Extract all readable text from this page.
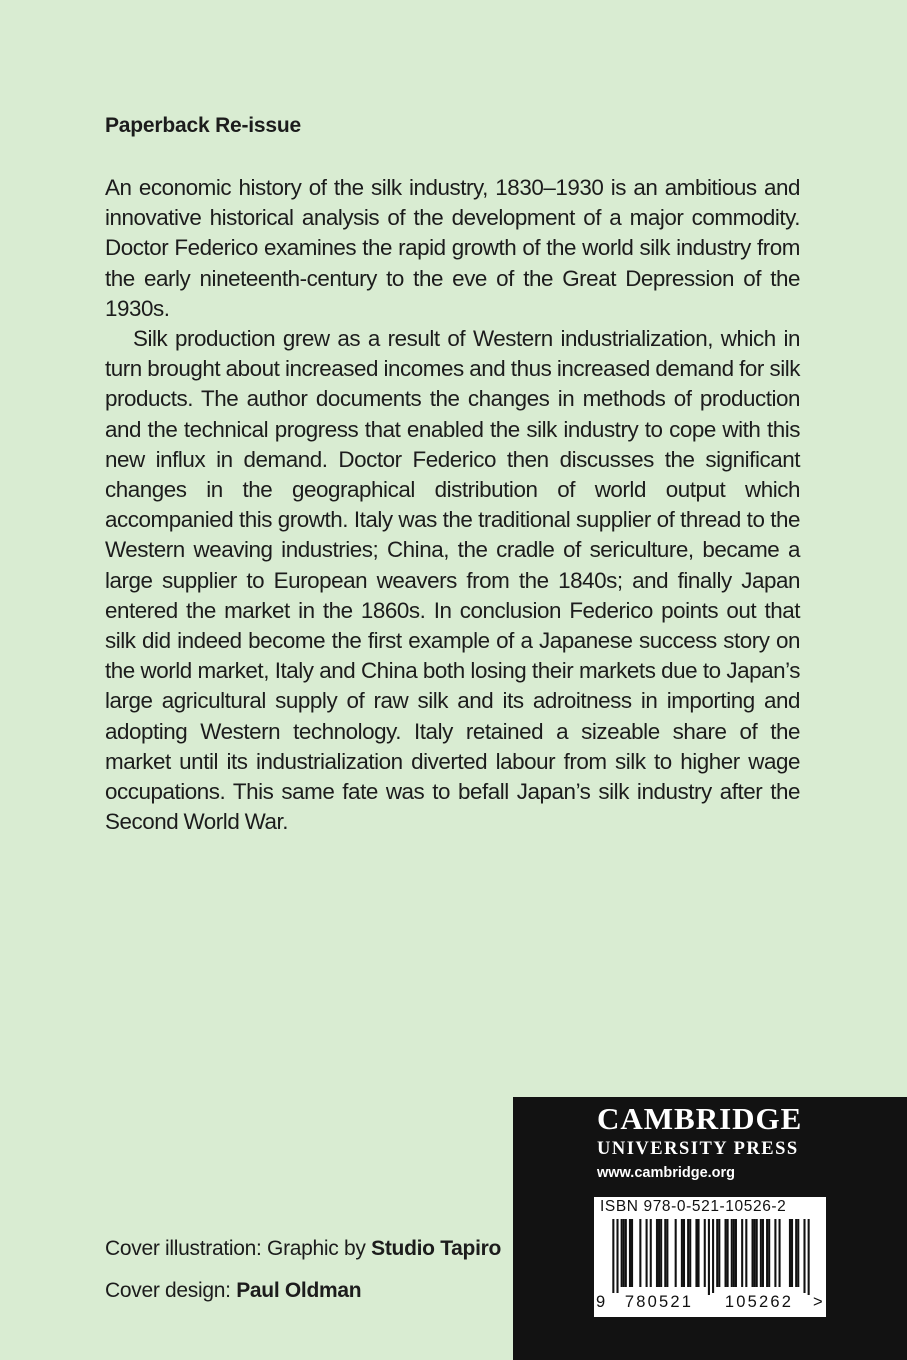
Paperback Re-issue

An economic history of the silk industry, 1830–1930 is an ambitious and innovative historical analysis of the development of a major commodity. Doctor Federico examines the rapid growth of the world silk industry from the early nineteenth-century to the eve of the Great Depression of the 1930s.

Silk production grew as a result of Western industrialization, which in turn brought about increased incomes and thus increased demand for silk products. The author documents the changes in methods of production and the technical progress that enabled the silk industry to cope with this new influx in demand. Doctor Federico then discusses the significant changes in the geographical distribution of world output which accompanied this growth. Italy was the traditional supplier of thread to the Western weaving industries; China, the cradle of sericulture, became a large supplier to European weavers from the 1840s; and finally Japan entered the market in the 1860s. In conclusion Federico points out that silk did indeed become the first example of a Japanese success story on the world market, Italy and China both losing their markets due to Japan’s large agricultural supply of raw silk and its adroitness in importing and adopting Western technology. Italy retained a sizeable share of the market until its industrialization diverted labour from silk to higher wage occupations. This same fate was to befall Japan’s silk industry after the Second World War.

Cover illustration: Graphic by Studio Tapiro
Cover design: Paul Oldman
CAMBRIDGE
UNIVERSITY PRESS
www.cambridge.org
ISBN 978-0-521-10526-2
9	780521	105262	>
